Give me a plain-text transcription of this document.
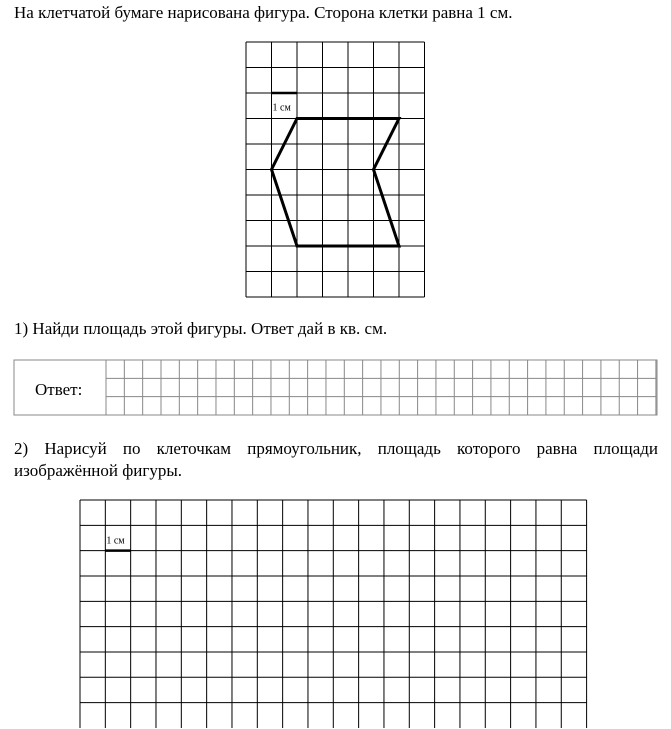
На клетчатой бумаге нарисована фигура. Сторона клетки равна 1 см.

1 см

1) Найди площадь этой фигуры. Ответ дай в кв. см.

Ответ:

2) Нарисуй по клеточкам прямоугольник, площадь которого равна площади изображённой фигуры.

1 см
